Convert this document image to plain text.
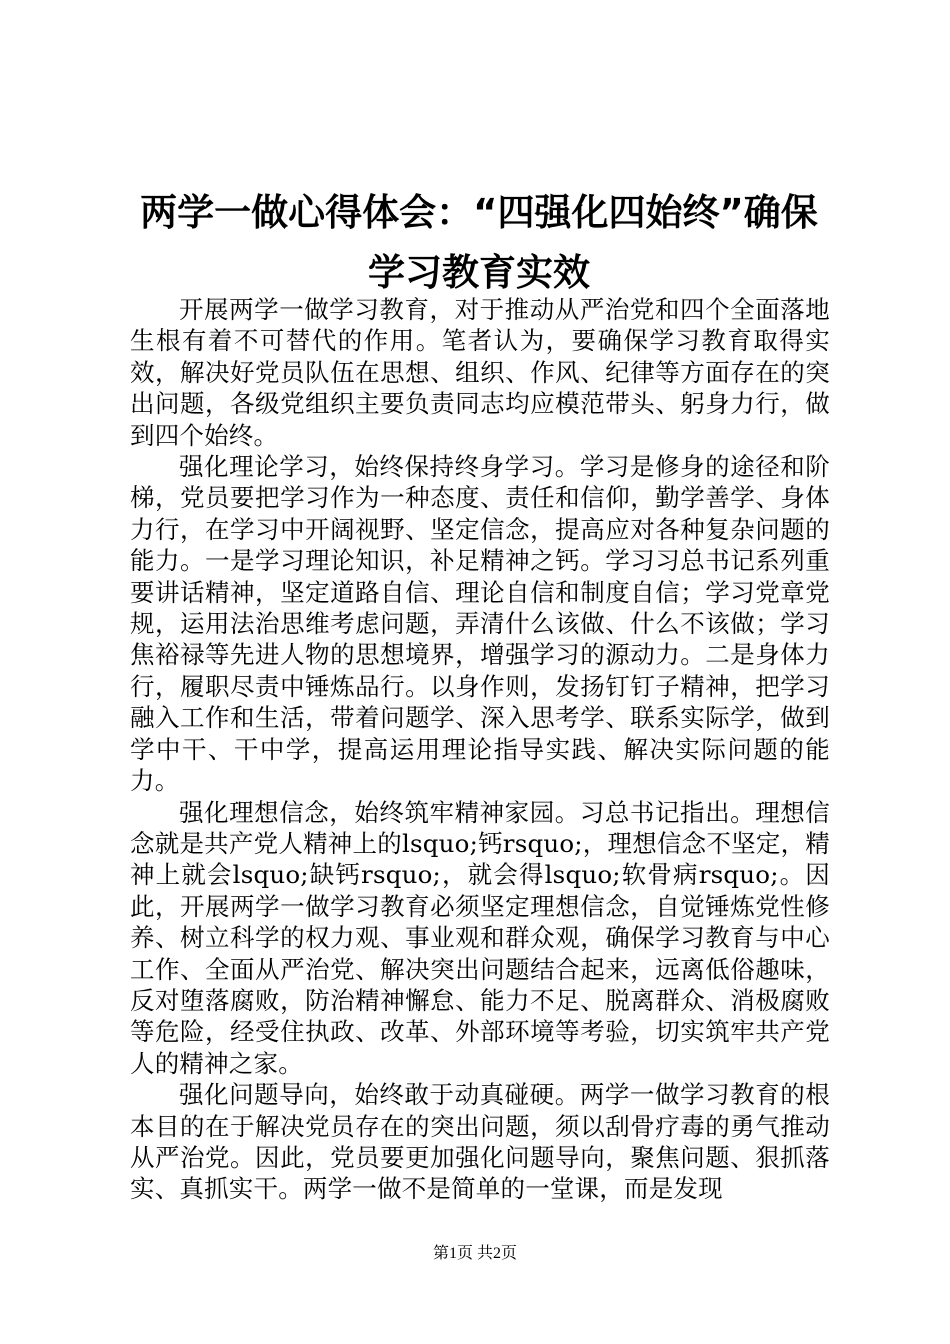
两学一做心得体会：“四强化四始终”确保学习教育实效

开展两学一做学习教育，对于推动从严治党和四个全面落地生根有着不可替代的作用。笔者认为，要确保学习教育取得实效，解决好党员队伍在思想、组织、作风、纪律等方面存在的突出问题，各级党组织主要负责同志均应模范带头、躬身力行，做到四个始终。

强化理论学习，始终保持终身学习。学习是修身的途径和阶梯，党员要把学习作为一种态度、责任和信仰，勤学善学、身体力行，在学习中开阔视野、坚定信念，提高应对各种复杂问题的能力。一是学习理论知识，补足精神之钙。学习习总书记系列重要讲话精神，坚定道路自信、理论自信和制度自信；学习党章党规，运用法治思维考虑问题，弄清什么该做、什么不该做；学习焦裕禄等先进人物的思想境界，增强学习的源动力。二是身体力行，履职尽责中锤炼品行。以身作则，发扬钉钉子精神，把学习融入工作和生活，带着问题学、深入思考学、联系实际学，做到学中干、干中学，提高运用理论指导实践、解决实际问题的能力。

强化理想信念，始终筑牢精神家园。习总书记指出。理想信念就是共产党人精神上的lsquo;钙rsquo;，理想信念不坚定，精神上就会lsquo;缺钙rsquo;，就会得lsquo;软骨病rsquo;。因此，开展两学一做学习教育必须坚定理想信念，自觉锤炼党性修养、树立科学的权力观、事业观和群众观，确保学习教育与中心工作、全面从严治党、解决突出问题结合起来，远离低俗趣味，反对堕落腐败，防治精神懈怠、能力不足、脱离群众、消极腐败等危险，经受住执政、改革、外部环境等考验，切实筑牢共产党人的精神之家。

强化问题导向，始终敢于动真碰硬。两学一做学习教育的根本目的在于解决党员存在的突出问题，须以刮骨疗毒的勇气推动从严治党。因此，党员要更加强化问题导向，聚焦问题、狠抓落实、真抓实干。两学一做不是简单的一堂课，而是发现

第1页 共2页
